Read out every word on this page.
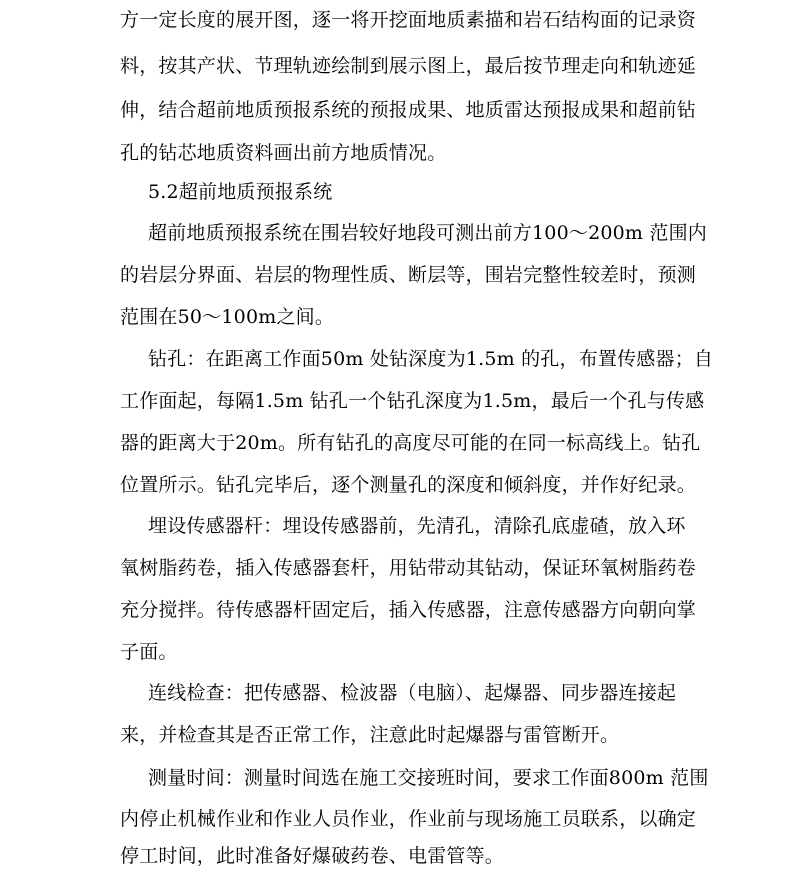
方一定长度的展开图，逐一将开挖面地质素描和岩石结构面的记录资
料，按其产状、节理轨迹绘制到展示图上，最后按节理走向和轨迹延
伸，结合超前地质预报系统的预报成果、地质雷达预报成果和超前钻
孔的钻芯地质资料画出前方地质情况。
5.2超前地质预报系统
超前地质预报系统在围岩较好地段可测出前方100～200m 范围内
的岩层分界面、岩层的物理性质、断层等，围岩完整性较差时，预测
范围在50～100m之间。
钻孔：在距离工作面50m 处钻深度为1.5m 的孔，布置传感器；自
工作面起，每隔1.5m 钻孔一个钻孔深度为1.5m，最后一个孔与传感
器的距离大于20m。所有钻孔的高度尽可能的在同一标高线上。钻孔
位置所示。钻孔完毕后，逐个测量孔的深度和倾斜度，并作好纪录。
埋设传感器杆：埋设传感器前，先清孔，清除孔底虚碴，放入环
氧树脂药卷，插入传感器套杆，用钻带动其钻动，保证环氧树脂药卷
充分搅拌。待传感器杆固定后，插入传感器，注意传感器方向朝向掌
子面。
连线检查：把传感器、检波器（电脑）、起爆器、同步器连接起
来，并检查其是否正常工作，注意此时起爆器与雷管断开。
测量时间：测量时间选在施工交接班时间，要求工作面800m 范围
内停止机械作业和作业人员作业，作业前与现场施工员联系，以确定
停工时间，此时准备好爆破药卷、电雷管等。
